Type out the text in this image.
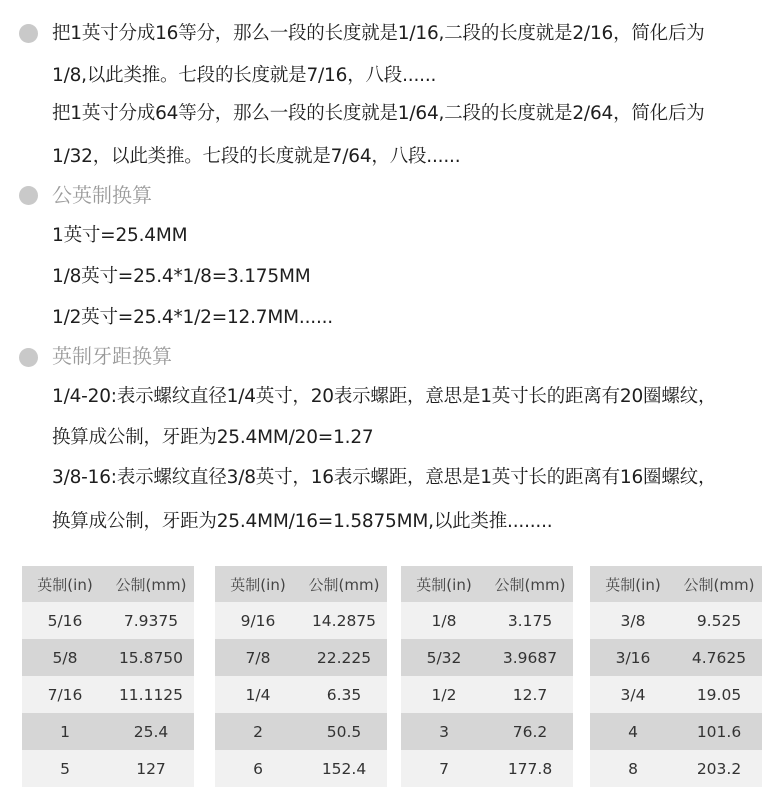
把1英寸分成16等分，那么一段的长度就是1/16,二段的长度就是2/16，简化后为
1/8,以此类推。七段的长度就是7/16，八段......
把1英寸分成64等分，那么一段的长度就是1/64,二段的长度就是2/64，简化后为
1/32，以此类推。七段的长度就是7/64，八段......
公英制换算
1英寸=25.4MM
1/8英寸=25.4*1/8=3.175MM
1/2英寸=25.4*1/2=12.7MM......
英制牙距换算
1/4-20:表示螺纹直径1/4英寸，20表示螺距，意思是1英寸长的距离有20圈螺纹，
换算成公制，牙距为25.4MM/20=1.27
3/8-16:表示螺纹直径3/8英寸，16表示螺距，意思是1英寸长的距离有16圈螺纹，
换算成公制，牙距为25.4MM/16=1.5875MM,以此类推........
英制(in)	公制(mm)
5/16	7.9375
5/8	15.8750
7/16	11.1125
1	25.4
5	127
英制(in)	公制(mm)
9/16	14.2875
7/8	22.225
1/4	6.35
2	50.5
6	152.4
英制(in)	公制(mm)
1/8	3.175
5/32	3.9687
1/2	12.7
3	76.2
7	177.8
英制(in)	公制(mm)
3/8	9.525
3/16	4.7625
3/4	19.05
4	101.6
8	203.2
